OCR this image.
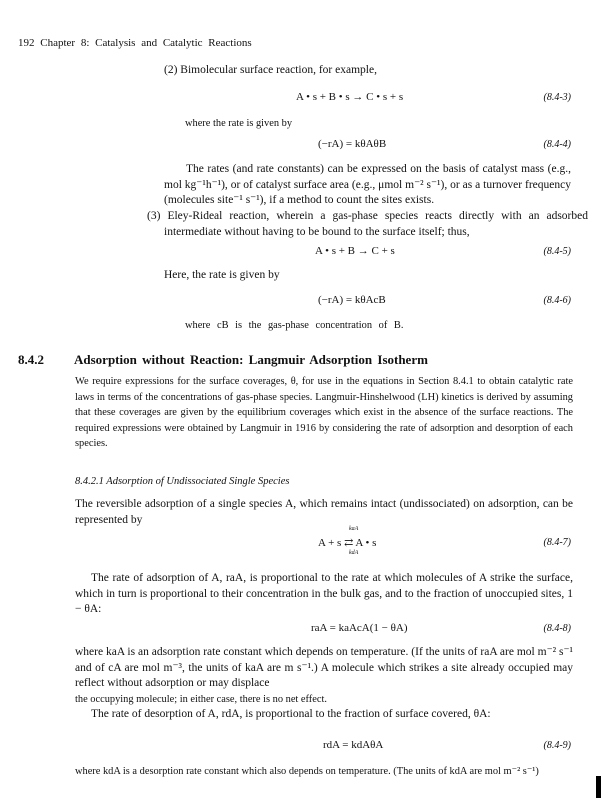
192 Chapter 8: Catalysis and Catalytic Reactions
(2) Bimolecular surface reaction, for example,
A • s + B • s → C • s + s	(8.4-3)
where the rate is given by
(−rA) = kθAθB	(8.4-4)
The rates (and rate constants) can be expressed on the basis of catalyst mass (e.g., mol kg⁻¹h⁻¹), or of catalyst surface area (e.g., μmol m⁻² s⁻¹), or as a turnover frequency (molecules site⁻¹ s⁻¹), if a method to count the sites exists.
(3) Eley-Rideal reaction, wherein a gas-phase species reacts directly with an adsorbed intermediate without having to be bound to the surface itself; thus,
A • s + B → C + s	(8.4-5)
Here, the rate is given by
(−rA) = kθAcB	(8.4-6)
where cB is the gas-phase concentration of B.
8.4.2 Adsorption without Reaction: Langmuir Adsorption Isotherm
We require expressions for the surface coverages, θ, for use in the equations in Section 8.4.1 to obtain catalytic rate laws in terms of the concentrations of gas-phase species. Langmuir-Hinshelwood (LH) kinetics is derived by assuming that these coverages are given by the equilibrium coverages which exist in the absence of the surface reactions. The required expressions were obtained by Langmuir in 1916 by considering the rate of adsorption and desorption of each species.
8.4.2.1 Adsorption of Undissociated Single Species
The reversible adsorption of a single species A, which remains intact (undissociated) on adsorption, can be represented by
kaA
A + s ⇄ A • s
kdA
(8.4-7)
The rate of adsorption of A, raA, is proportional to the rate at which molecules of A strike the surface, which in turn is proportional to their concentration in the bulk gas, and to the fraction of unoccupied sites, 1 − θA:
raA = kaAcA(1 − θA)	(8.4-8)
where kaA is an adsorption rate constant which depends on temperature. (If the units of raA are mol m⁻² s⁻¹ and of cA are mol m⁻³, the units of kaA are m s⁻¹.) A molecule which strikes a site already occupied may reflect without adsorption or may displace
the occupying molecule; in either case, there is no net effect.
The rate of desorption of A, rdA, is proportional to the fraction of surface covered, θA:
rdA = kdAθA	(8.4-9)
where kdA is a desorption rate constant which also depends on temperature. (The units of kdA are mol m⁻² s⁻¹)
